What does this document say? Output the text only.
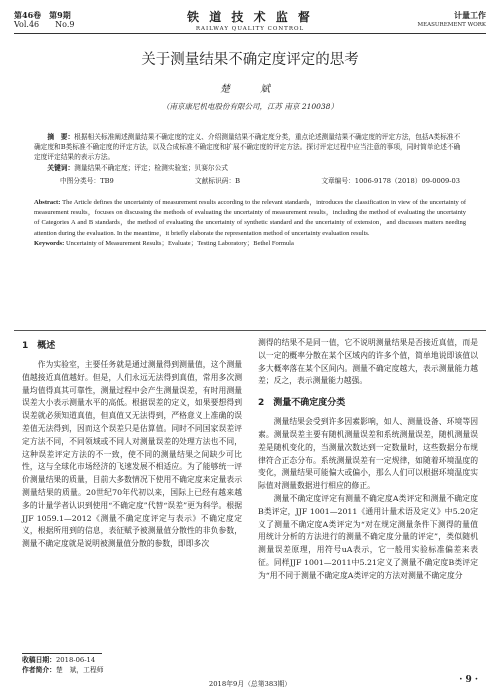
第46卷　第9期
Vol.46　　No.9
铁 道 技 术 监 督
RAILWAY QUALITY CONTROL
计量工作
MEASUREMENT WORK
关于测量结果不确定度评定的思考
楚　斌
（南京康尼机电股份有限公司，江苏 南京 210038）
摘　要：根据相关标准阐述测量结果不确定度的定义、介绍测量结果不确定度分类，重点论述测量结果不确定度的评定方法，包括A类标准不确定度和B类标准不确定度的评定方法，以及合成标准不确定度和扩展不确定度的评定方法。探讨评定过程中应当注意的事项，同时简单论述不确定度评定结果的表示方法。
关键词：测量结果不确定度；评定；检测实验室；贝赛尔公式
中图分类号：TB9	文献标识码：B	文章编号：1006-9178（2018）09-0009-03
Abstract: The Article defines the uncertainty of measurement results according to the relevant standards，introduces the classification in view of the uncertainty of measurement results，focuses on discussing the methods of evaluating the uncertainty of measurement results，including the method of evaluating the uncertainty of Categories A and B standards，the method of evaluating the uncertainty of synthetic standard and the uncertainty of extension，and discusses matters needing attention during the evaluation. In the meantime，it briefly elaborate the representation method of uncertainty evaluation results.
Keywords: Uncertainty of Measurement Results；Evaluate；Testing Laboratory；Bethel Formula
1　概述

作为实验室，主要任务就是通过测量得到测量值，这个测量值越接近真值越好。但是，人们永远无法得到真值，常用多次测量均值得真其可靠性，测量过程中会产生测量误差，有时用测量误差大小表示测量水平的高低。根据误差的定义，如果要想得到误差就必须知道真值，但真值又无法得到，严格意义上准确的误差值无法得到，因而这个误差只是估算值。同时不同国家误差评定方法不同，不同领域或不同人对测量误差的处理方法也不同，这种误差评定方法的不一致，使不同的测量结果之间缺少可比性，这与全球化市场经济的飞速发展不相适应。为了能够统一评价测量结果的质量，目前大多数情况下使用不确定度来定量表示测量结果的质量。20世纪70年代初以来，国际上已经有越来越多的计量学者认识到使用“不确定度”代替“误差”更为科学。根据JJF 1059.1—2012《测量不确定度评定与表示》不确定度定义，根据所用到的信息，表征赋予被测量值分散性的非负参数，测量不确定度就是说明被测量值分散的参数，即即多次

测得的结果不是同一值，它不说明测量结果是否接近真值，而是以一定的概率分散在某个区域内的许多个值，简单地说即该值以多大概率落在某个区间内。测量不确定度越大，表示测量能力越差；反之，表示测量能力越强。

2　测量不确定度分类

测量结果会受到许多因素影响，如人、测量设备、环境等因素。测量误差主要有随机测量误差和系统测量误差，随机测量误差是随机变化的，当测量次数达到一定数量时，这些数据分布规律符合正态分布。系统测量误差有一定规律，如随着环境温度的变化，测量结果可能偏大或偏小，那么人们可以根据环境温度实际值对测量数据进行相应的修正。

测量不确定度评定有测量不确定度A类评定和测量不确定度B类评定，JJF 1001—2011《通用计量术语及定义》中5.20定义了测量不确定度A类评定为“对在规定测量条件下测得的量值用统计分析的方法进行的测量不确定度分量的评定”，类似随机测量误差原理，用符号uA表示，它一般用实验标准偏差来表征。同样JJF 1001—2011中5.21定义了测量不确定度B类评定为“用不同于测量不确定度A类评定的方法对测量不确定度分

收稿日期：2018-06-14
作者简介：楚　斌，工程师
2018年9月（总第383期）	· 9 ·
